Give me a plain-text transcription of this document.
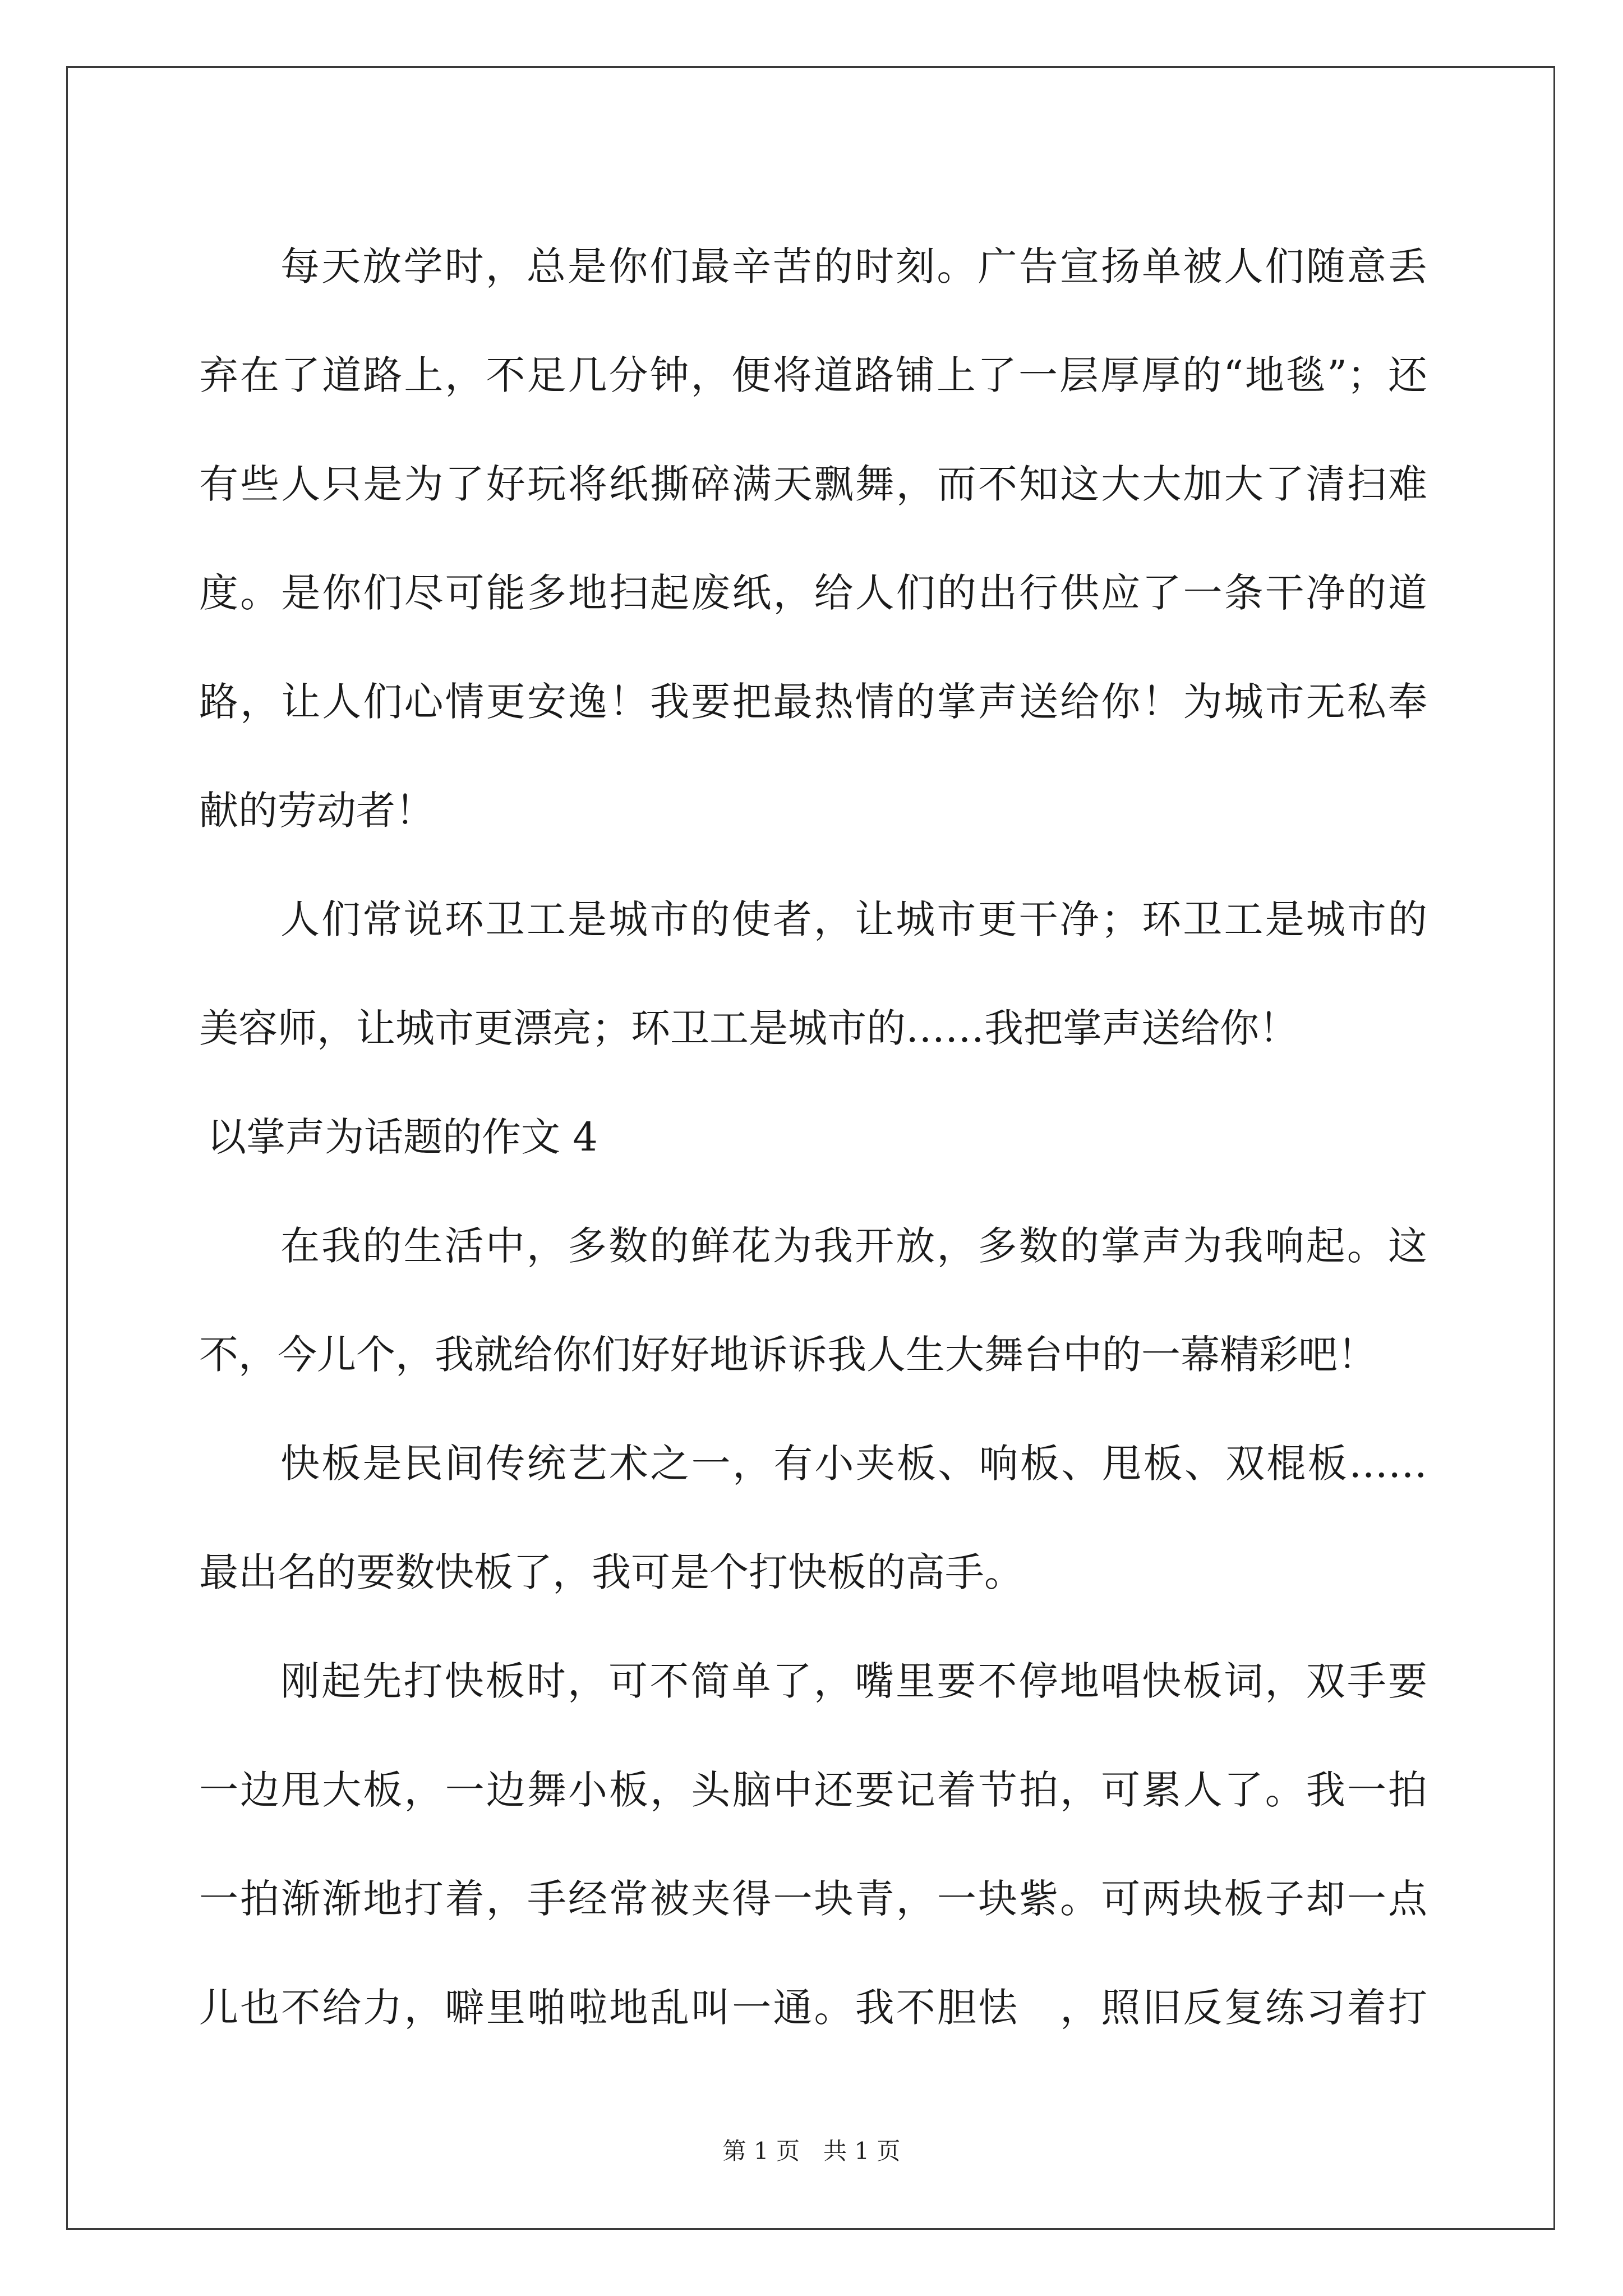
每天放学时，总是你们最辛苦的时刻。广告宣扬单被人们随意丢
弃在了道路上，不足几分钟，便将道路铺上了一层厚厚的“地毯”；还
有些人只是为了好玩将纸撕碎满天飘舞，而不知这大大加大了清扫难
度。是你们尽可能多地扫起废纸，给人们的出行供应了一条干净的道
路，让人们心情更安逸！我要把最热情的掌声送给你！为城市无私奉
献的劳动者！
人们常说环卫工是城市的使者，让城市更干净；环卫工是城市的
美容师，让城市更漂亮；环卫工是城市的……我把掌声送给你！
以掌声为话题的作文 4
在我的生活中，多数的鲜花为我开放，多数的掌声为我响起。这
不，今儿个，我就给你们好好地诉诉我人生大舞台中的一幕精彩吧！
快板是民间传统艺术之一，有小夹板、响板、甩板、双棍板……
最出名的要数快板了，我可是个打快板的高手。
刚起先打快板时，可不简单了，嘴里要不停地唱快板词，双手要
一边甩大板，一边舞小板，头脑中还要记着节拍，可累人了。我一拍
一拍渐渐地打着，手经常被夹得一块青，一块紫。可两块板子却一点
儿也不给力，噼里啪啦地乱叫一通。我不胆怯　，照旧反复练习着打
第 1 页 共 1 页
